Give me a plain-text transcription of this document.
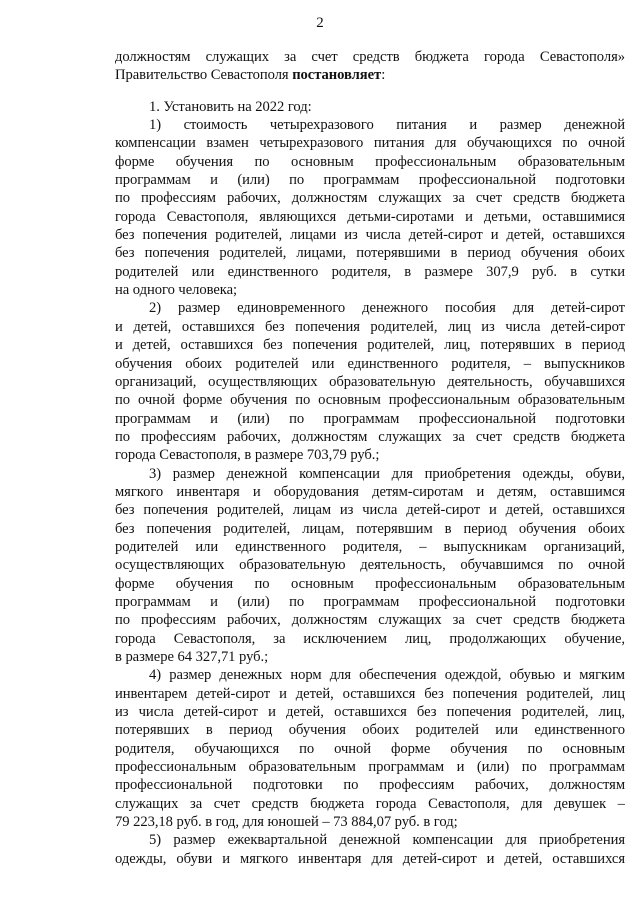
2
должностям служащих за счет средств бюджета города Севастополя»
Правительство Севастополя постановляет:
1. Установить на 2022 год:
1) стоимость четырехразового питания и размер денежной
компенсации взамен четырехразового питания для обучающихся по очной
форме обучения по основным профессиональным образовательным
программам и (или) по программам профессиональной подготовки
по профессиям рабочих, должностям служащих за счет средств бюджета
города Севастополя, являющихся детьми-сиротами и детьми, оставшимися
без попечения родителей, лицами из числа детей-сирот и детей, оставшихся
без попечения родителей, лицами, потерявшими в период обучения обоих
родителей или единственного родителя, в размере 307,9 руб. в сутки
на одного человека;
2) размер единовременного денежного пособия для детей-сирот
и детей, оставшихся без попечения родителей, лиц из числа детей-сирот
и детей, оставшихся без попечения родителей, лиц, потерявших в период
обучения обоих родителей или единственного родителя, – выпускников
организаций, осуществляющих образовательную деятельность, обучавшихся
по очной форме обучения по основным профессиональным образовательным
программам и (или) по программам профессиональной подготовки
по профессиям рабочих, должностям служащих за счет средств бюджета
города Севастополя, в размере 703,79 руб.;
3) размер денежной компенсации для приобретения одежды, обуви,
мягкого инвентаря и оборудования детям-сиротам и детям, оставшимся
без попечения родителей, лицам из числа детей-сирот и детей, оставшихся
без попечения родителей, лицам, потерявшим в период обучения обоих
родителей или единственного родителя, – выпускникам организаций,
осуществляющих образовательную деятельность, обучавшимся по очной
форме обучения по основным профессиональным образовательным
программам и (или) по программам профессиональной подготовки
по профессиям рабочих, должностям служащих за счет средств бюджета
города Севастополя, за исключением лиц, продолжающих обучение,
в размере 64 327,71 руб.;
4) размер денежных норм для обеспечения одеждой, обувью и мягким
инвентарем детей-сирот и детей, оставшихся без попечения родителей, лиц
из числа детей-сирот и детей, оставшихся без попечения родителей, лиц,
потерявших в период обучения обоих родителей или единственного
родителя, обучающихся по очной форме обучения по основным
профессиональным образовательным программам и (или) по программам
профессиональной подготовки по профессиям рабочих, должностям
служащих за счет средств бюджета города Севастополя, для девушек –
79 223,18 руб. в год, для юношей – 73 884,07 руб. в год;
5) размер ежеквартальной денежной компенсации для приобретения
одежды, обуви и мягкого инвентаря для детей-сирот и детей, оставшихся
